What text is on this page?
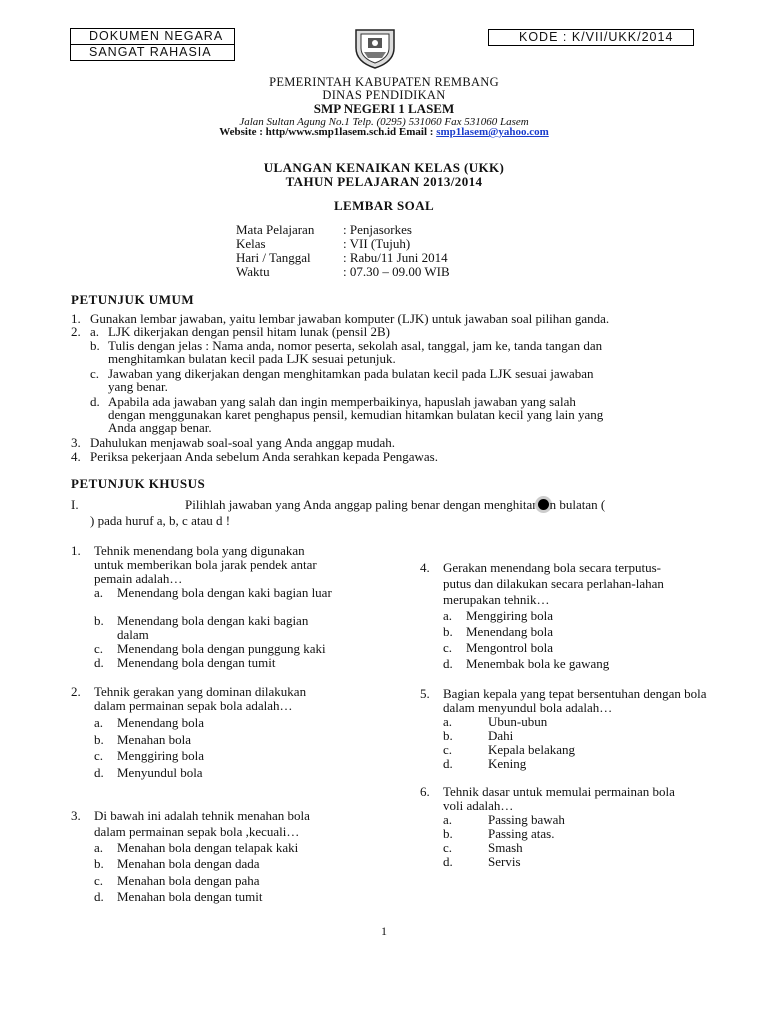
DOKUMEN NEGARA
SANGAT RAHASIA
KODE : K/VII/UKK/2014
PEMERINTAH KABUPATEN REMBANG
DINAS PENDIDIKAN
SMP NEGERI 1 LASEM
Jalan Sultan Agung No.1 Telp. (0295) 531060 Fax 531060 Lasem
Website : http/www.smp1lasem.sch.id Email : smp1lasem@yahoo.com
ULANGAN KENAIKAN KELAS (UKK)
TAHUN PELAJARAN 2013/2014
LEMBAR SOAL
Mata Pelajaran : Penjasorkes
Kelas	: VII (Tujuh)
Hari / Tanggal : Rabu/11 Juni 2014
Waktu	: 07.30 – 09.00 WIB
PETUNJUK UMUM
1. Gunakan lembar jawaban, yaitu lembar jawaban komputer (LJK) untuk jawaban soal pilihan ganda.
2. a. LJK dikerjakan dengan pensil hitam lunak (pensil 2B)
b. Tulis dengan jelas : Nama anda, nomor peserta, sekolah asal, tanggal, jam ke, tanda tangan dan
menghitamkan bulatan kecil pada LJK sesuai petunjuk.
c. Jawaban yang dikerjakan dengan menghitamkan pada bulatan kecil pada LJK sesuai jawaban
yang benar.
d. Apabila ada jawaban yang salah dan ingin memperbaikinya, hapuslah jawaban yang salah
dengan menggunakan karet penghapus pensil, kemudian hitamkan bulatan kecil yang lain yang
Anda anggap benar.
3. Dahulukan menjawab soal-soal yang Anda anggap mudah.
4. Periksa pekerjaan Anda sebelum Anda serahkan kepada Pengawas.
PETUNJUK KHUSUS
I.	Pilihlah jawaban yang Anda anggap paling benar dengan menghitar n bulatan (
) pada huruf a, b, c atau d !
1. Tehnik menendang bola yang digunakan
untuk memberikan bola jarak pendek antar
pemain adalah…
a. Menendang bola dengan kaki bagian luar
b. Menendang bola dengan kaki bagian
dalam
c. Menendang bola dengan punggung kaki
d. Menendang bola dengan tumit
2. Tehnik gerakan yang dominan dilakukan
dalam permainan sepak bola adalah…
a. Menendang bola
b. Menahan bola
c. Menggiring bola
d. Menyundul bola
3. Di bawah ini adalah tehnik menahan bola
dalam permainan sepak bola ,kecuali…
a. Menahan bola dengan telapak kaki
b. Menahan bola dengan dada
c. Menahan bola dengan paha
d. Menahan bola dengan tumit
4. Gerakan menendang bola secara terputus-
putus dan dilakukan secara perlahan-lahan
merupakan tehnik…
a. Menggiring bola
b. Menendang bola
c. Mengontrol bola
d. Menembak bola ke gawang
5. Bagian kepala yang tepat bersentuhan dengan bola
dalam menyundul bola adalah…
a.	Ubun-ubun
b.	Dahi
c.	Kepala belakang
d.	Kening
6. Tehnik dasar untuk memulai permainan bola
voli adalah…
a.	Passing bawah
b.	Passing atas.
c.	Smash
d.	Servis
1
